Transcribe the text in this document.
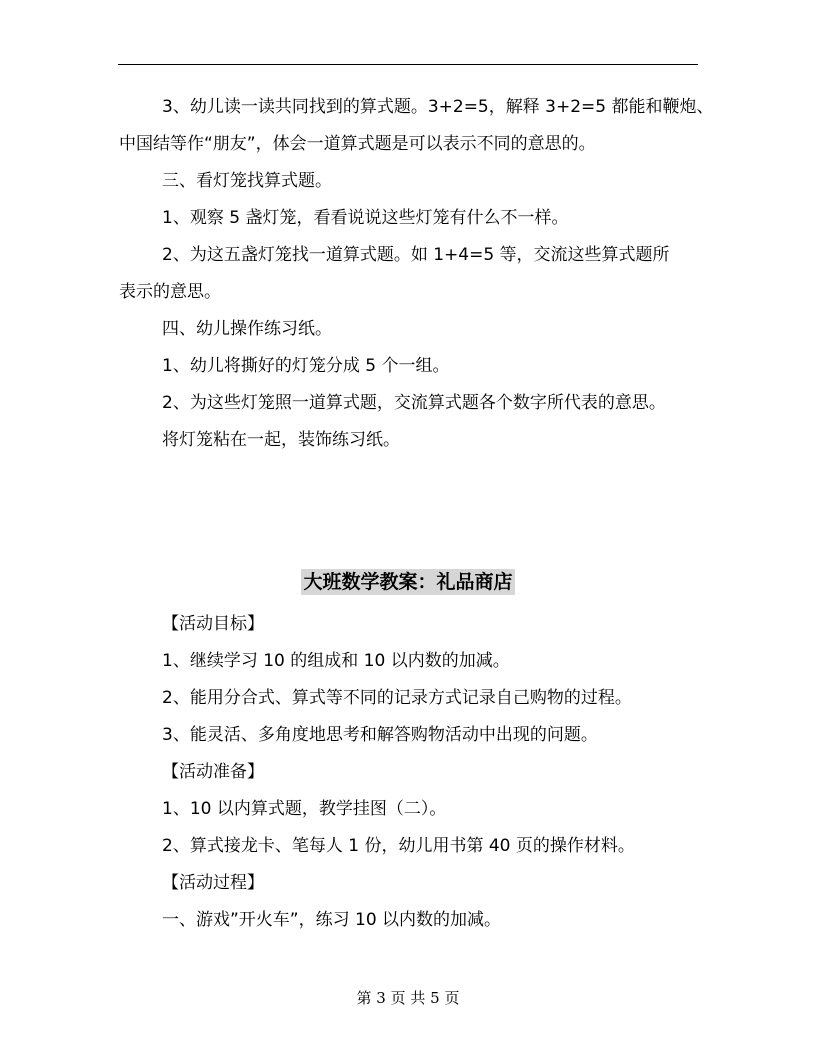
3、幼儿读一读共同找到的算式题。3+2=5，解释 3+2=5 都能和鞭炮、
中国结等作“朋友”，体会一道算式题是可以表示不同的意思的。
三、看灯笼找算式题。
1、观察 5 盏灯笼，看看说说这些灯笼有什么不一样。
2、为这五盏灯笼找一道算式题。如 1+4=5 等，交流这些算式题所
表示的意思。
四、幼儿操作练习纸。
1、幼儿将撕好的灯笼分成 5 个一组。
2、为这些灯笼照一道算式题，交流算式题各个数字所代表的意思。
将灯笼粘在一起，装饰练习纸。
大班数学教案：礼品商店
【活动目标】
1、继续学习 10 的组成和 10 以内数的加减。
2、能用分合式、算式等不同的记录方式记录自己购物的过程。
3、能灵活、多角度地思考和解答购物活动中出现的问题。
【活动准备】
1、10 以内算式题，教学挂图（二）。
2、算式接龙卡、笔每人 1 份，幼儿用书第 40 页的操作材料。
【活动过程】
一、游戏”开火车”，练习 10 以内数的加减。
第 3 页 共 5 页
